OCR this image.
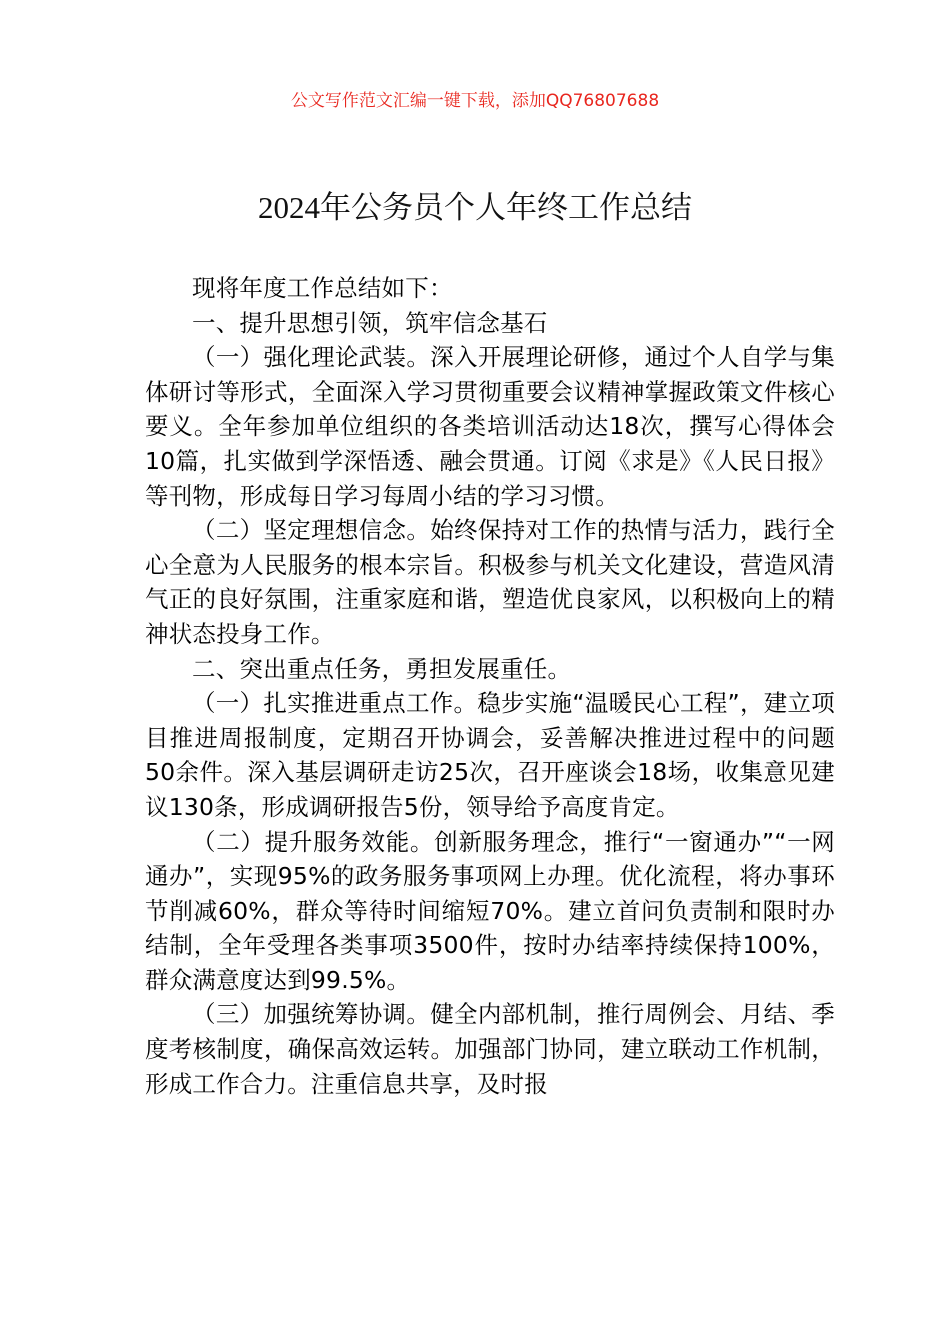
公文写作范文汇编一键下载，添加QQ76807688
2024年公务员个人年终工作总结

现将年度工作总结如下：

一、提升思想引领，筑牢信念基石

（一）强化理论武装。深入开展理论研修，通过个人自学与集体研讨等形式，全面深入学习贯彻重要会议精神掌握政策文件核心要义。全年参加单位组织的各类培训活动达18次，撰写心得体会10篇，扎实做到学深悟透、融会贯通。订阅《求是》《人民日报》等刊物，形成每日学习每周小结的学习习惯。

（二）坚定理想信念。始终保持对工作的热情与活力，践行全心全意为人民服务的根本宗旨。积极参与机关文化建设，营造风清气正的良好氛围，注重家庭和谐，塑造优良家风，以积极向上的精神状态投身工作。

二、突出重点任务，勇担发展重任。

（一）扎实推进重点工作。稳步实施“温暖民心工程”，建立项目推进周报制度，定期召开协调会，妥善解决推进过程中的问题50余件。深入基层调研走访25次，召开座谈会18场，收集意见建议130条，形成调研报告5份，领导给予高度肯定。

（二）提升服务效能。创新服务理念，推行“一窗通办”“一网通办”，实现95%的政务服务事项网上办理。优化流程，将办事环节削减60%，群众等待时间缩短70%。建立首问负责制和限时办结制，全年受理各类事项3500件，按时办结率持续保持100%，群众满意度达到99.5%。

（三）加强统筹协调。健全内部机制，推行周例会、月结、季度考核制度，确保高效运转。加强部门协同，建立联动工作机制，形成工作合力。注重信息共享，及时报
